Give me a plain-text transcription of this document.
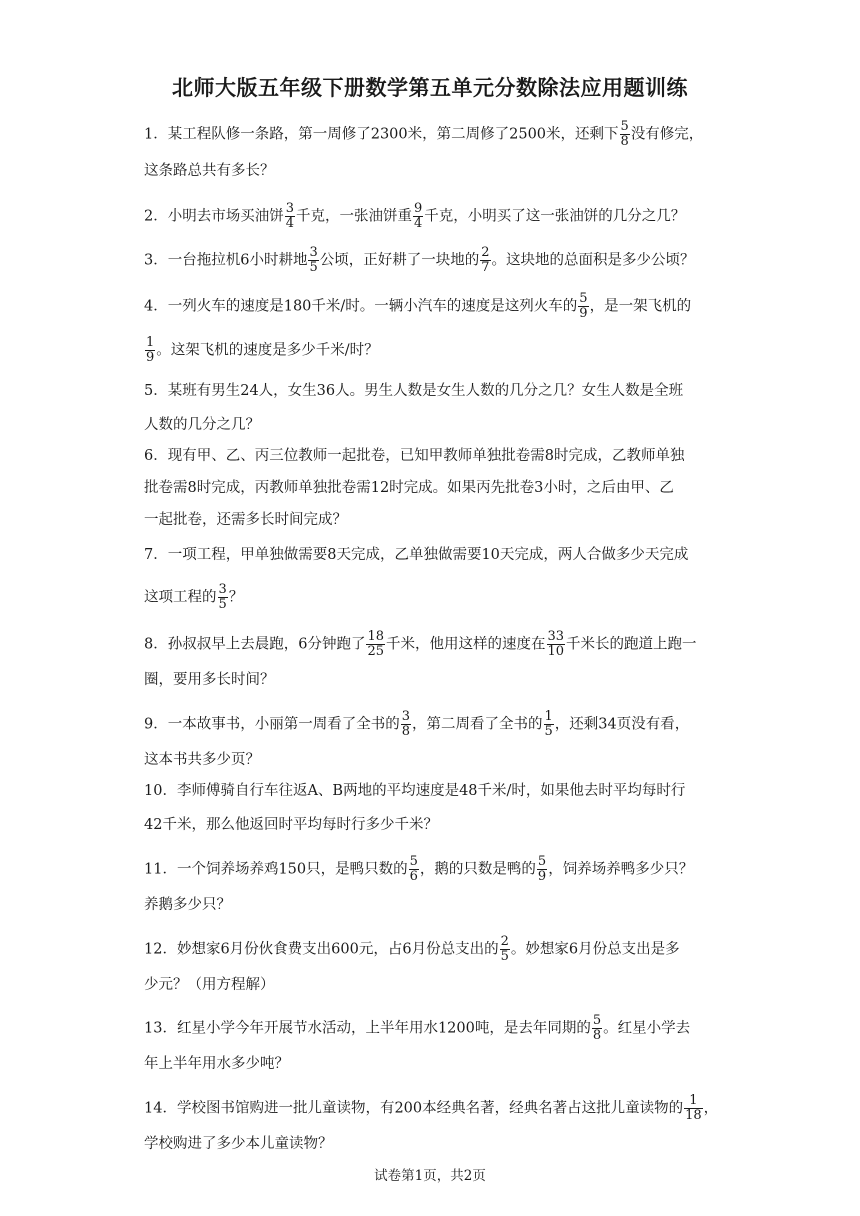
北师大版五年级下册数学第五单元分数除法应用题训练
1．某工程队修一条路，第一周修了2300米，第二周修了2500米，还剩下 $\frac{5}{8}$ 没有修完，
这条路总共有多长？
2．小明去市场买油饼 $\frac{3}{4}$ 千克，一张油饼重 $\frac{9}{4}$ 千克，小明买了这一张油饼的几分之几？
3．一台拖拉机6小时耕地 $\frac{3}{5}$ 公顷，正好耕了一块地的 $\frac{2}{7}$ 。这块地的总面积是多少公顷？
4．一列火车的速度是180千米/时。一辆小汽车的速度是这列火车的 $\frac{5}{9}$ ，是一架飞机的
$\frac{1}{9}$ 。这架飞机的速度是多少千米/时？
5．某班有男生24人，女生36人。男生人数是女生人数的几分之几？女生人数是全班
人数的几分之几？
6．现有甲、乙、丙三位教师一起批卷，已知甲教师单独批卷需8时完成，乙教师单独
批卷需8时完成，丙教师单独批卷需12时完成。如果丙先批卷3小时，之后由甲、乙
一起批卷，还需多长时间完成？
7．一项工程，甲单独做需要8天完成，乙单独做需要10天完成，两人合做多少天完成
这项工程的 $\frac{3}{5}$ ？
8．孙叔叔早上去晨跑，6分钟跑了 $\frac{18}{25}$ 千米，他用这样的速度在 $\frac{33}{10}$ 千米长的跑道上跑一
圈，要用多长时间？
9．一本故事书，小丽第一周看了全书的 $\frac{3}{8}$ ，第二周看了全书的 $\frac{1}{5}$ ，还剩34页没有看，
这本书共多少页？
10．李师傅骑自行车往返A、B两地的平均速度是48千米/时，如果他去时平均每时行
42千米，那么他返回时平均每时行多少千米？
11．一个饲养场养鸡150只，是鸭只数的 $\frac{5}{6}$ ，鹅的只数是鸭的 $\frac{5}{9}$ ，饲养场养鸭多少只？
养鹅多少只？
12．妙想家6月份伙食费支出600元，占6月份总支出的 $\frac{2}{5}$ 。妙想家6月份总支出是多
少元？（用方程解）
13．红星小学今年开展节水活动，上半年用水1200吨，是去年同期的 $\frac{5}{8}$ 。红星小学去
年上半年用水多少吨？
14．学校图书馆购进一批儿童读物，有200本经典名著，经典名著占这批儿童读物的 $\frac{1}{18}$ ，
学校购进了多少本儿童读物？
试卷第1页，共2页
